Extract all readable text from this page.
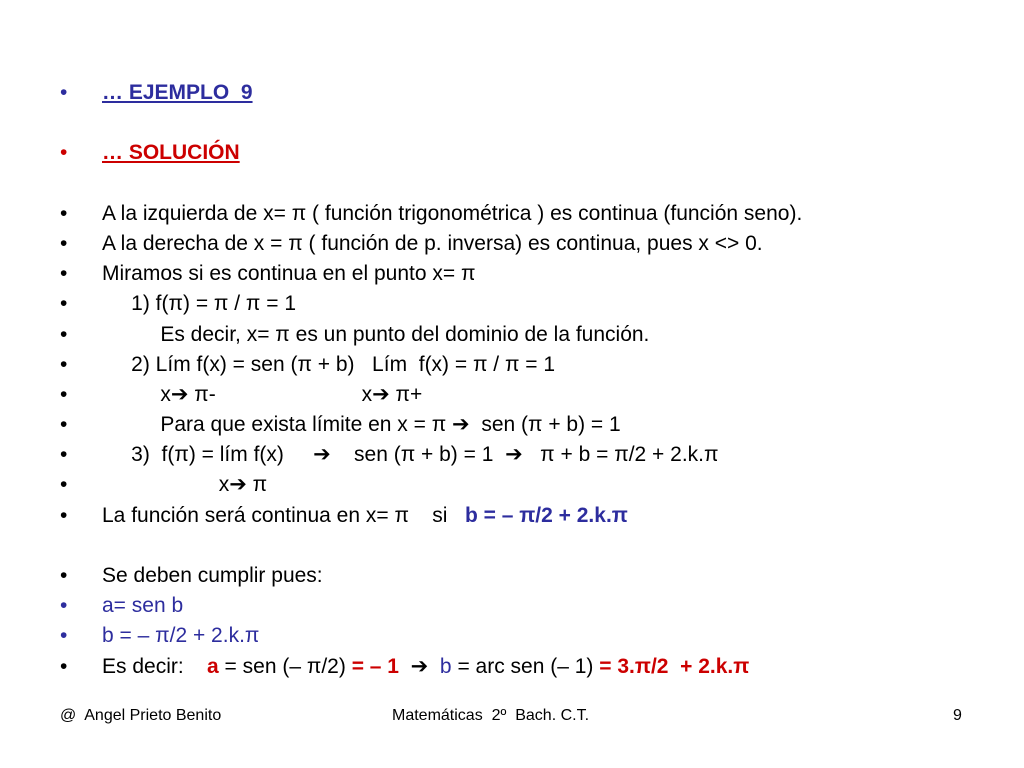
•	… EJEMPLO  9
•	… SOLUCIÓN
•	A la izquierda de x= π ( función trigonométrica ) es continua (función seno).
•	A la derecha de x = π ( función de p. inversa) es continua, pues x <> 0.
•	Miramos si es continua en el punto x= π
•	1) f(π) = π / π = 1
•	Es decir, x= π es un punto del dominio de la función.
•	2) Lím f(x) = sen (π + b)   Lím  f(x) = π / π = 1
•	x➔ π-                         x➔ π+
•	Para que exista límite en x = π ➔  sen (π + b) = 1
•	3)  f(π) = lím f(x)     ➔    sen (π + b) = 1  ➔   π + b = π/2 + 2.k.π
•	x➔ π
•	La función será continua en x= π    si   b = – π/2 + 2.k.π
•	Se deben cumplir pues:
•	a= sen b
•	b = – π/2 + 2.k.π
•	Es decir:    a = sen (– π/2) = – 1  ➔  b = arc sen (– 1) = 3.π/2  + 2.k.π
@  Angel Prieto Benito	Matemáticas  2º  Bach. C.T.	9
